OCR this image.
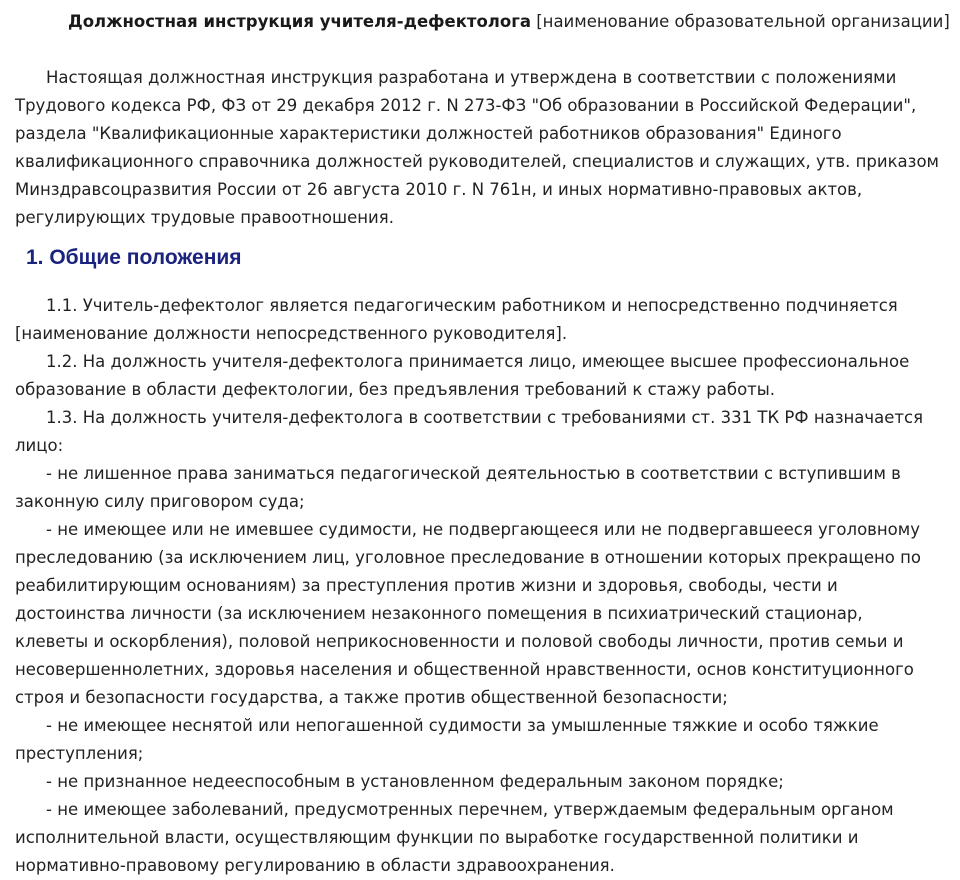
Должностная инструкция учителя-дефектолога [наименование образовательной организации]

Настоящая должностная инструкция разработана и утверждена в соответствии с положениями Трудового кодекса РФ, ФЗ от 29 декабря 2012 г. N 273-ФЗ "Об образовании в Российской Федерации", раздела "Квалификационные характеристики должностей работников образования" Единого квалификационного справочника должностей руководителей, специалистов и служащих, утв. приказом Минздравсоцразвития России от 26 августа 2010 г. N 761н, и иных нормативно-правовых актов, регулирующих трудовые правоотношения.

1. Общие положения

1.1. Учитель-дефектолог является педагогическим работником и непосредственно подчиняется [наименование должности непосредственного руководителя].

1.2. На должность учителя-дефектолога принимается лицо, имеющее высшее профессиональное образование в области дефектологии, без предъявления требований к стажу работы.

1.3. На должность учителя-дефектолога в соответствии с требованиями ст. 331 ТК РФ назначается лицо:

- не лишенное права заниматься педагогической деятельностью в соответствии с вступившим в законную силу приговором суда;

- не имеющее или не имевшее судимости, не подвергающееся или не подвергавшееся уголовному преследованию (за исключением лиц, уголовное преследование в отношении которых прекращено по реабилитирующим основаниям) за преступления против жизни и здоровья, свободы, чести и достоинства личности (за исключением незаконного помещения в психиатрический стационар, клеветы и оскорбления), половой неприкосновенности и половой свободы личности, против семьи и несовершеннолетних, здоровья населения и общественной нравственности, основ конституционного строя и безопасности государства, а также против общественной безопасности;

- не имеющее неснятой или непогашенной судимости за умышленные тяжкие и особо тяжкие преступления;

- не признанное недееспособным в установленном федеральным законом порядке;

- не имеющее заболеваний, предусмотренных перечнем, утверждаемым федеральным органом исполнительной власти, осуществляющим функции по выработке государственной политики и нормативно-правовому регулированию в области здравоохранения.
